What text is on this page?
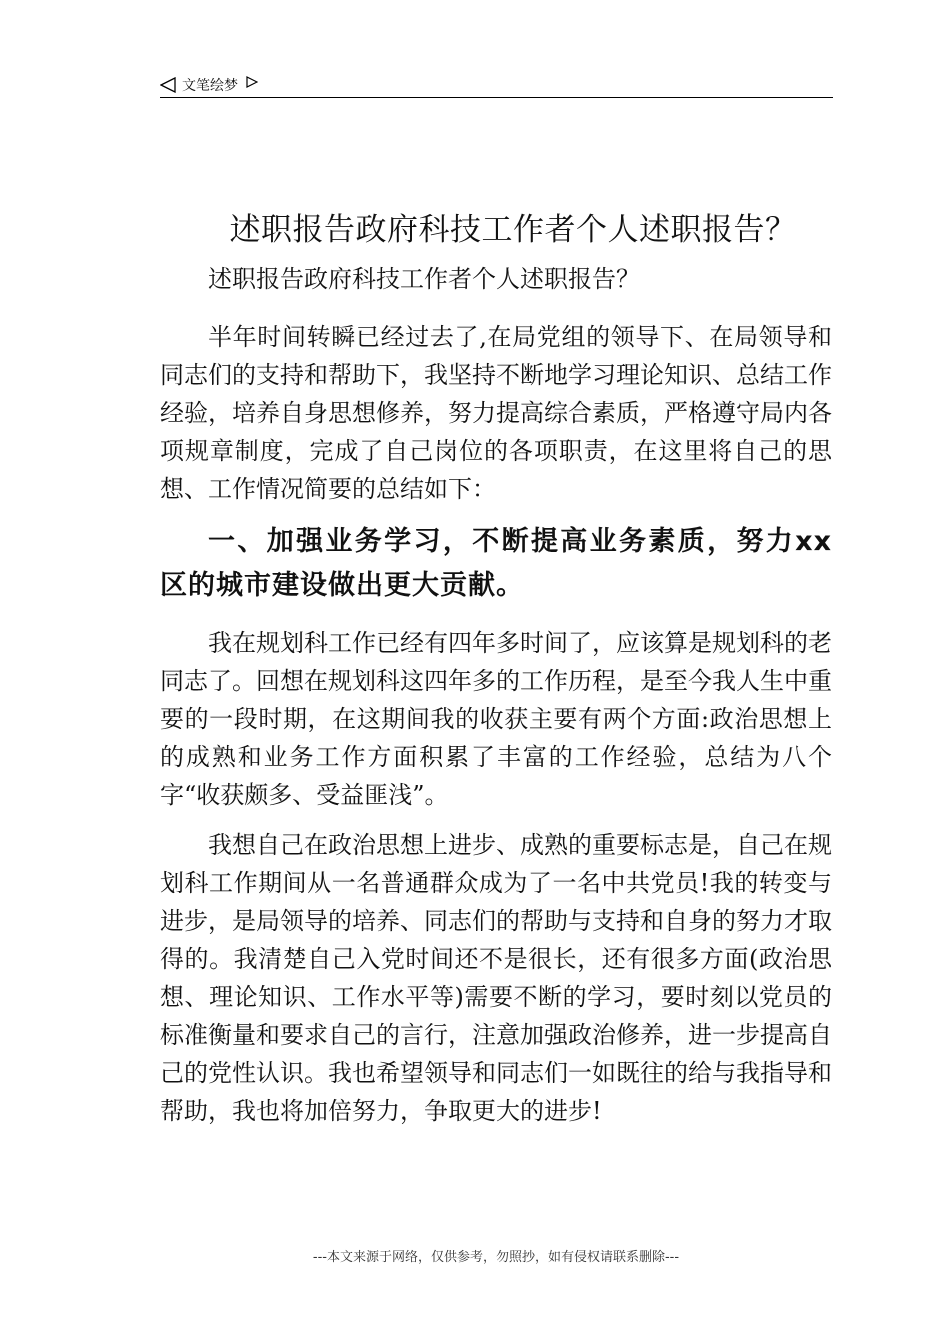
文笔绘梦
述职报告政府科技工作者个人述职报告？

述职报告政府科技工作者个人述职报告？

半年时间转瞬已经过去了,在局党组的领导下、在局领导和同志们的支持和帮助下，我坚持不断地学习理论知识、总结工作经验，培养自身思想修养，努力提高综合素质，严格遵守局内各项规章制度，完成了自己岗位的各项职责，在这里将自己的思想、工作情况简要的总结如下：

一、加强业务学习，不断提高业务素质，努力xx区的城市建设做出更大贡献。

我在规划科工作已经有四年多时间了，应该算是规划科的老同志了。回想在规划科这四年多的工作历程，是至今我人生中重要的一段时期，在这期间我的收获主要有两个方面:政治思想上的成熟和业务工作方面积累了丰富的工作经验，总结为八个字“收获颇多、受益匪浅”。

我想自己在政治思想上进步、成熟的重要标志是，自己在规划科工作期间从一名普通群众成为了一名中共党员!我的转变与进步，是局领导的培养、同志们的帮助与支持和自身的努力才取得的。我清楚自己入党时间还不是很长，还有很多方面(政治思想、理论知识、工作水平等)需要不断的学习，要时刻以党员的标准衡量和要求自己的言行，注意加强政治修养，进一步提高自己的党性认识。我也希望领导和同志们一如既往的给与我指导和帮助，我也将加倍努力，争取更大的进步!

---本文来源于网络，仅供参考，勿照抄，如有侵权请联系删除---
